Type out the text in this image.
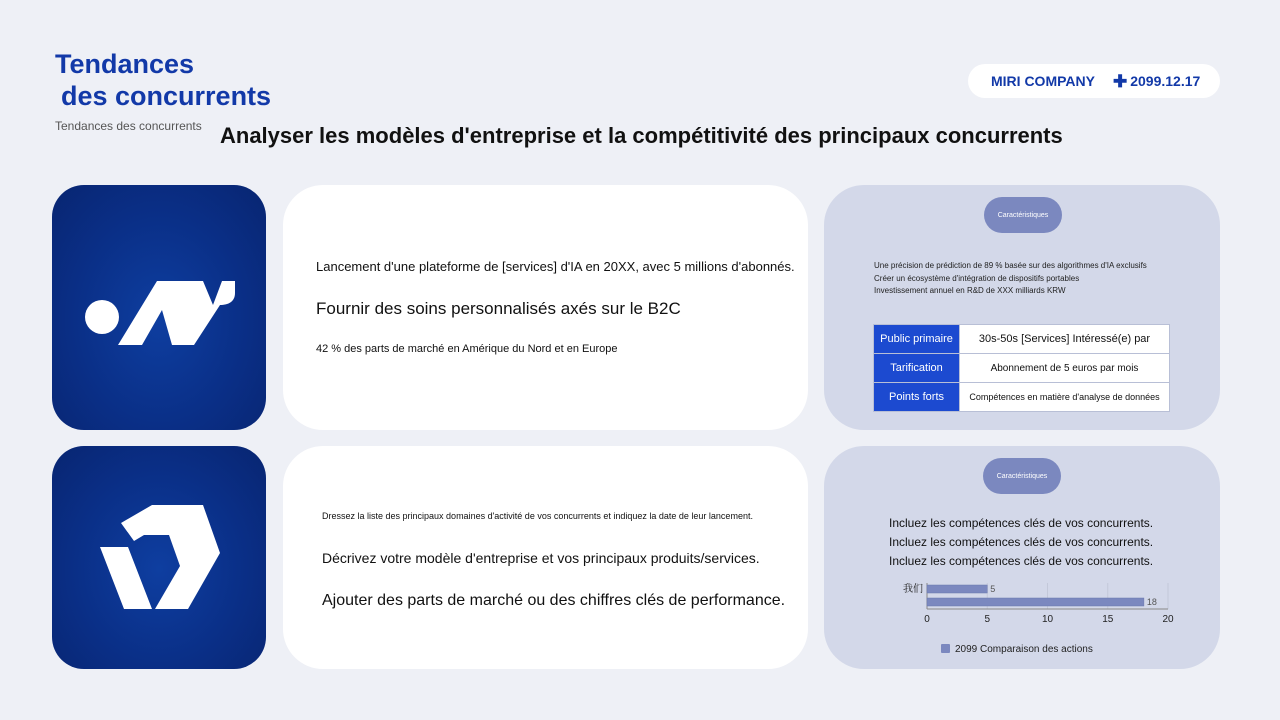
Tendances
des concurrents
Tendances des concurrents Analyser les modèles d'entreprise et la compétitivité des principaux concurrents
MIRI COMPANY ✚ 2099.12.17
Lancement d'une plateforme de [services] d'IA en 20XX, avec 5 millions d'abonnés.
Fournir des soins personnalisés axés sur le B2C
42 % des parts de marché en Amérique du Nord et en Europe
Caractéristiques
Une précision de prédiction de 89 % basée sur des algorithmes d'IA exclusifs
Créer un écosystème d'intégration de dispositifs portables
Investissement annuel en R&D de XXX milliards KRW
Public primaire	30s-50s [Services] Intéressé(e) par
Tarification	Abonnement de 5 euros par mois
Points forts	Compétences en matière d'analyse de données
Dressez la liste des principaux domaines d'activité de vos concurrents et indiquez la date de leur lancement.
Décrivez votre modèle d'entreprise et vos principaux produits/services.
Ajouter des parts de marché ou des chiffres clés de performance.
Caractéristiques
Incluez les compétences clés de vos concurrents.
Incluez les compétences clés de vos concurrents.
Incluez les compétences clés de vos concurrents.
0	5	10	15	20
5
我们
18
2099 Comparaison des actions
